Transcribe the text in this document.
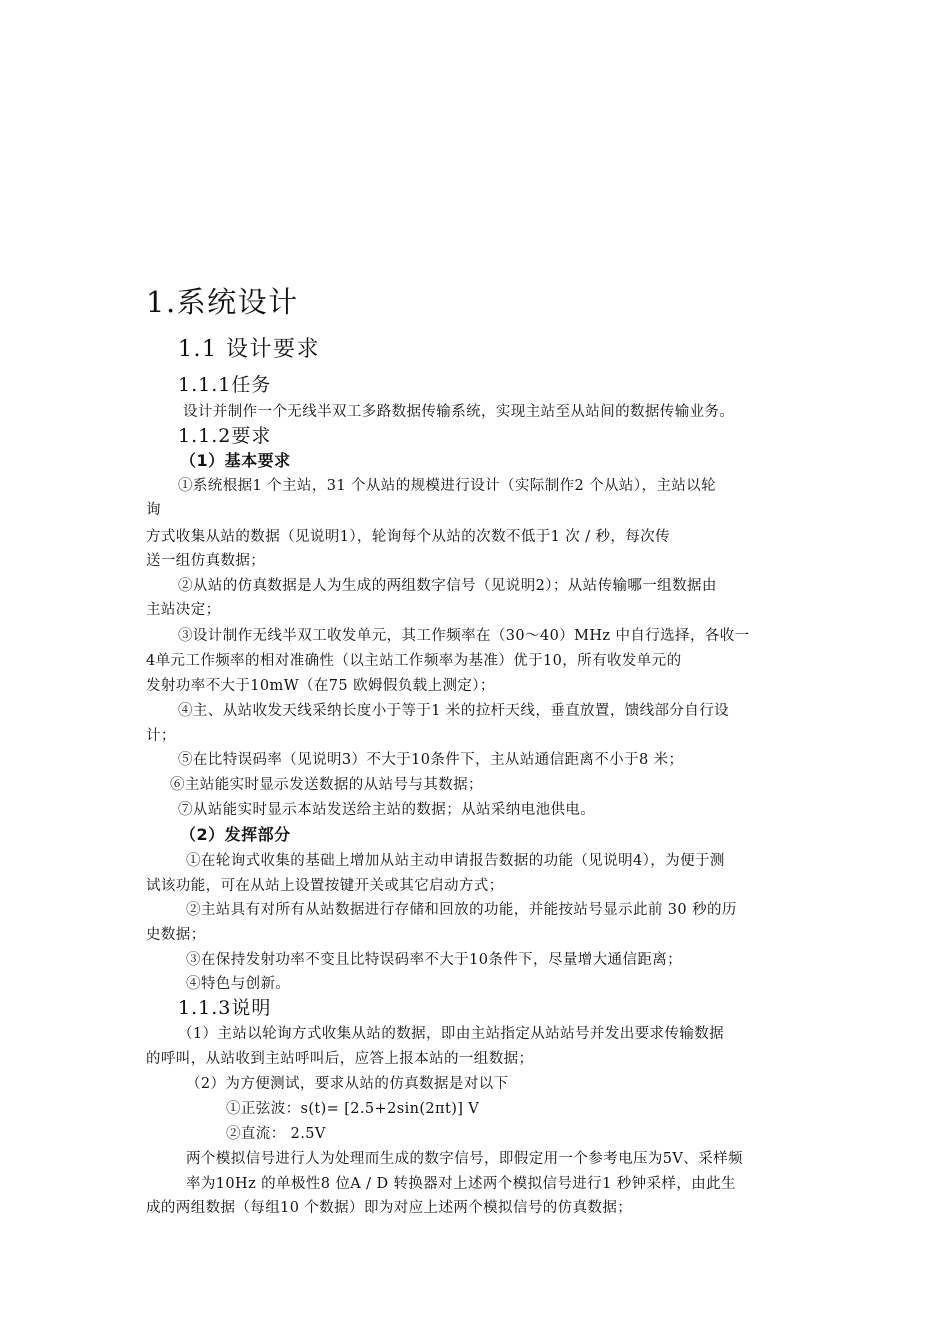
1.系统设计
1.1 设计要求
1.1.1任务
设计并制作一个无线半双工多路数据传输系统，实现主站至从站间的数据传输业务。
1.1.2要求
（1）基本要求
①系统根据1 个主站，31 个从站的规模进行设计（实际制作2 个从站），主站以轮
询
方式收集从站的数据（见说明1），轮询每个从站的次数不低于1 次 / 秒，每次传
送一组仿真数据；
②从站的仿真数据是人为生成的两组数字信号（见说明2）；从站传输哪一组数据由
主站决定；
③设计制作无线半双工收发单元，其工作频率在（30～40）MHz 中自行选择，各收一
4单元工作频率的相对准确性（以主站工作频率为基准）优于10，所有收发单元的
发射功率不大于10mW（在75 欧姆假负载上测定）；
④主、从站收发天线采纳长度小于等于1 米的拉杆天线，垂直放置，馈线部分自行设
计；
⑤在比特误码率（见说明3）不大于10条件下，主从站通信距离不小于8 米；
⑥主站能实时显示发送数据的从站号与其数据；
⑦从站能实时显示本站发送给主站的数据；从站采纳电池供电。
（2）发挥部分
①在轮询式收集的基础上增加从站主动申请报告数据的功能（见说明4），为便于测
试该功能，可在从站上设置按键开关或其它启动方式；
②主站具有对所有从站数据进行存储和回放的功能，并能按站号显示此前 30 秒的历
史数据；
③在保持发射功率不变且比特误码率不大于10条件下，尽量增大通信距离；
④特色与创新。
1.1.3说明
（1）主站以轮询方式收集从站的数据，即由主站指定从站站号并发出要求传输数据
的呼叫，从站收到主站呼叫后，应答上报本站的一组数据；
（2）为方便测试，要求从站的仿真数据是对以下
①正弦波：s(t)= [2.5+2sin(2πt)] V
②直流： 2.5V
两个模拟信号进行人为处理而生成的数字信号，即假定用一个参考电压为5V、采样频
率为10Hz 的单极性8 位A / D 转换器对上述两个模拟信号进行1 秒钟采样，由此生
成的两组数据（每组10 个数据）即为对应上述两个模拟信号的仿真数据；
